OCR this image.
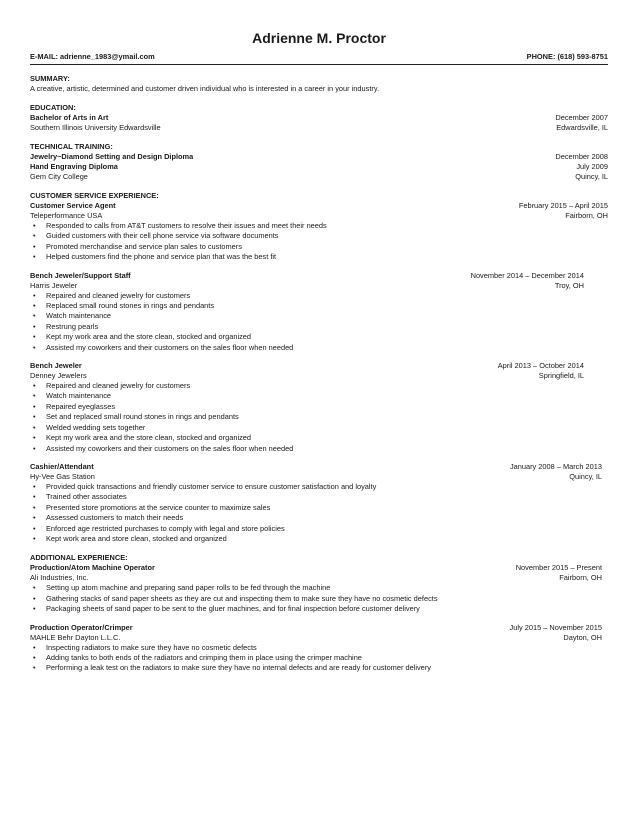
Adrienne M. Proctor
E-MAIL: adrienne_1983@ymail.com	PHONE: (618) 593-8751
SUMMARY:
A creative, artistic, determined and customer driven individual who is interested in a career in your industry.
EDUCATION:
Bachelor of Arts in Art	December 2007
Southern Illinois University Edwardsville	Edwardsville, IL
TECHNICAL TRAINING:
Jewelry~Diamond Setting and Design Diploma	December 2008
Hand Engraving Diploma	July 2009
Gem City College	Quincy, IL
CUSTOMER SERVICE EXPERIENCE:
Customer Service Agent	February 2015 – April 2015
Teleperformance USA	Fairborn, OH
• Responded to calls from AT&T customers to resolve their issues and meet their needs
• Guided customers with their cell phone service via software documents
• Promoted merchandise and service plan sales to customers
• Helped customers find the phone and service plan that was the best fit
Bench Jeweler/Support Staff	November 2014 – December 2014
Harris Jeweler	Troy, OH
• Repaired and cleaned jewelry for customers
• Replaced small round stones in rings and pendants
• Watch maintenance
• Restrung pearls
• Kept my work area and the store clean, stocked and organized
• Assisted my coworkers and their customers on the sales floor when needed
Bench Jeweler	April 2013 – October 2014
Denney Jewelers	Springfield, IL
• Repaired and cleaned jewelry for customers
• Watch maintenance
• Repaired eyeglasses
• Set and replaced small round stones in rings and pendants
• Welded wedding sets together
• Kept my work area and the store clean, stocked and organized
• Assisted my coworkers and their customers on the sales floor when needed
Cashier/Attendant	January 2008 – March 2013
Hy-Vee Gas Station	Quincy, IL
• Provided quick transactions and friendly customer service to ensure customer satisfaction and loyalty
• Trained other associates
• Presented store promotions at the service counter to maximize sales
• Assessed customers to match their needs
• Enforced age restricted purchases to comply with legal and store policies
• Kept work area and store clean, stocked and organized
ADDITIONAL EXPERIENCE:
Production/Atom Machine Operator	November 2015 – Present
Ali Industries, Inc.	Fairborn, OH
• Setting up atom machine and preparing sand paper rolls to be fed through the machine
• Gathering stacks of sand paper sheets as they are cut and inspecting them to make sure they have no cosmetic defects
• Packaging sheets of sand paper to be sent to the gluer machines, and for final inspection before customer delivery
Production Operator/Crimper	July 2015 – November 2015
MAHLE Behr Dayton L.L.C.	Dayton, OH
• Inspecting radiators to make sure they have no cosmetic defects
• Adding tanks to both ends of the radiators and crimping them in place using the crimper machine
• Performing a leak test on the radiators to make sure they have no internal defects and are ready for customer delivery
